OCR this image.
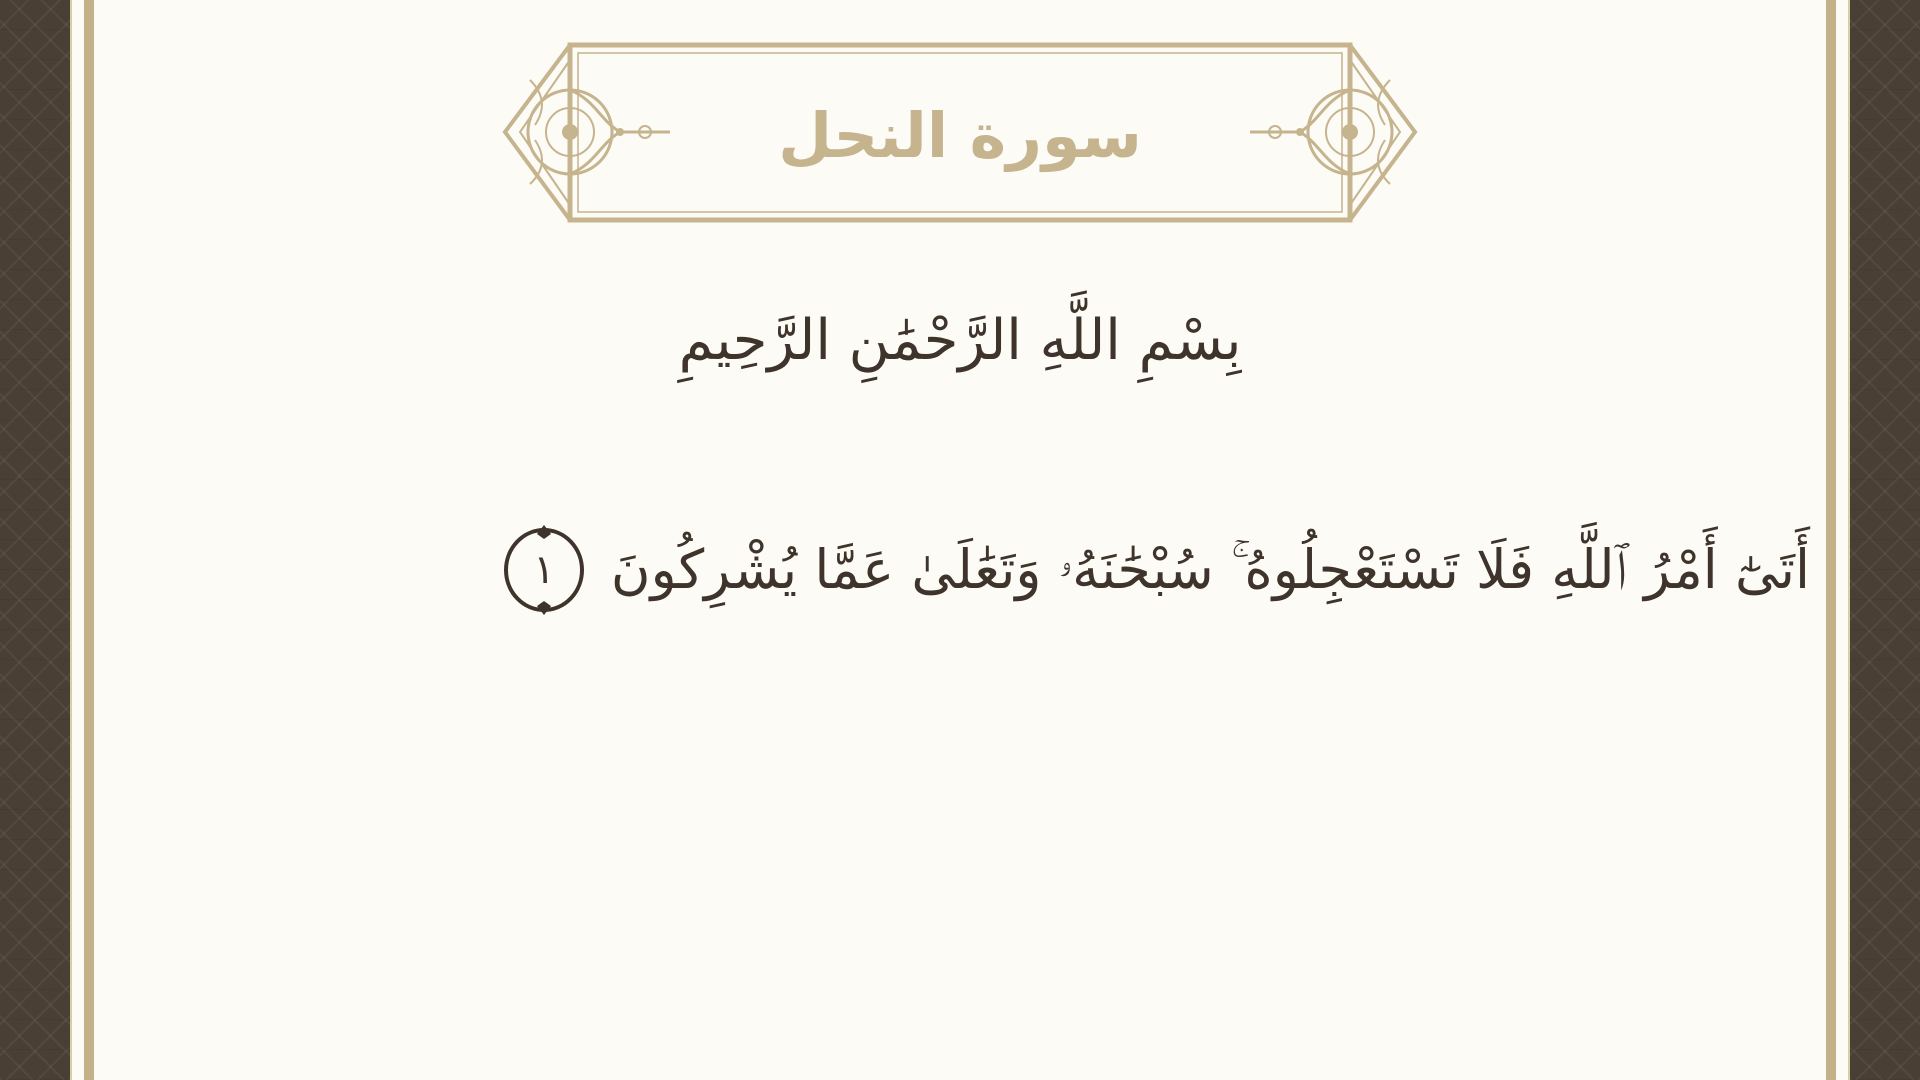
سورة النحل
بِسْمِ اللَّهِ الرَّحْمَٰنِ الرَّحِيمِ
أَتَىٰٓ أَمْرُ ٱللَّهِ فَلَا تَسْتَعْجِلُوهُ ۚ سُبْحَٰنَهُۥ وَتَعَٰلَىٰ عَمَّا يُشْرِكُونَ
١
